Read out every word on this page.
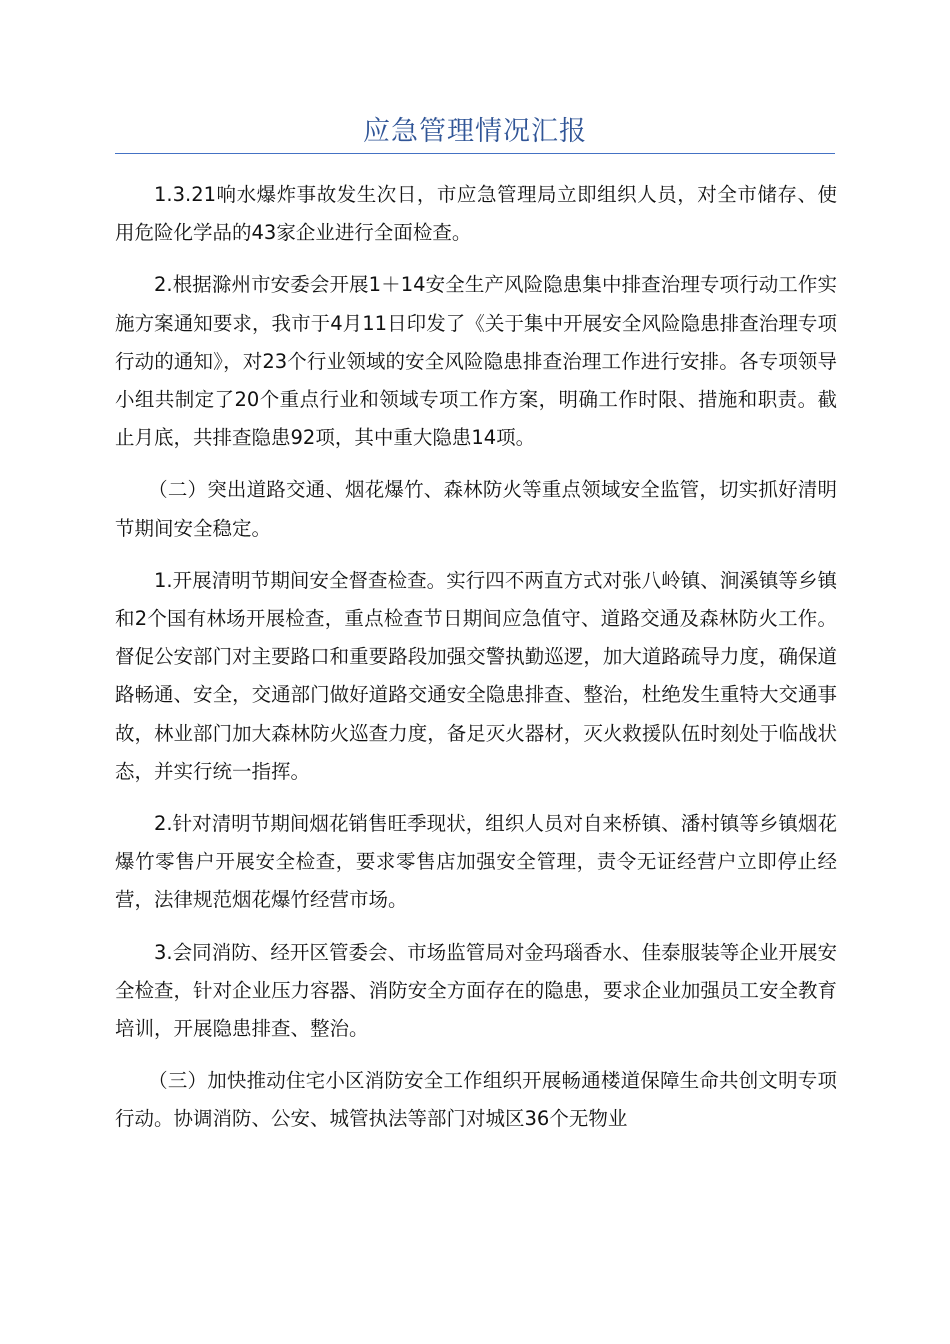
应急管理情况汇报

1.3.21响水爆炸事故发生次日，市应急管理局立即组织人员，对全市储存、使用危险化学品的43家企业进行全面检查。

2.根据滁州市安委会开展1＋14安全生产风险隐患集中排查治理专项行动工作实施方案通知要求，我市于4月11日印发了《关于集中开展安全风险隐患排查治理专项行动的通知》，对23个行业领域的安全风险隐患排查治理工作进行安排。各专项领导小组共制定了20个重点行业和领域专项工作方案，明确工作时限、措施和职责。截止月底，共排查隐患92项，其中重大隐患14项。

（二）突出道路交通、烟花爆竹、森林防火等重点领域安全监管，切实抓好清明节期间安全稳定。

1.开展清明节期间安全督查检查。实行四不两直方式对张八岭镇、涧溪镇等乡镇和2个国有林场开展检查，重点检查节日期间应急值守、道路交通及森林防火工作。督促公安部门对主要路口和重要路段加强交警执勤巡逻，加大道路疏导力度，确保道路畅通、安全，交通部门做好道路交通安全隐患排查、整治，杜绝发生重特大交通事故，林业部门加大森林防火巡查力度，备足灭火器材，灭火救援队伍时刻处于临战状态，并实行统一指挥。

2.针对清明节期间烟花销售旺季现状，组织人员对自来桥镇、潘村镇等乡镇烟花爆竹零售户开展安全检查，要求零售店加强安全管理，责令无证经营户立即停止经营，法律规范烟花爆竹经营市场。

3.会同消防、经开区管委会、市场监管局对金玛瑙香水、佳泰服装等企业开展安全检查，针对企业压力容器、消防安全方面存在的隐患，要求企业加强员工安全教育培训，开展隐患排查、整治。

（三）加快推动住宅小区消防安全工作组织开展畅通楼道保障生命共创文明专项行动。协调消防、公安、城管执法等部门对城区36个无物业
